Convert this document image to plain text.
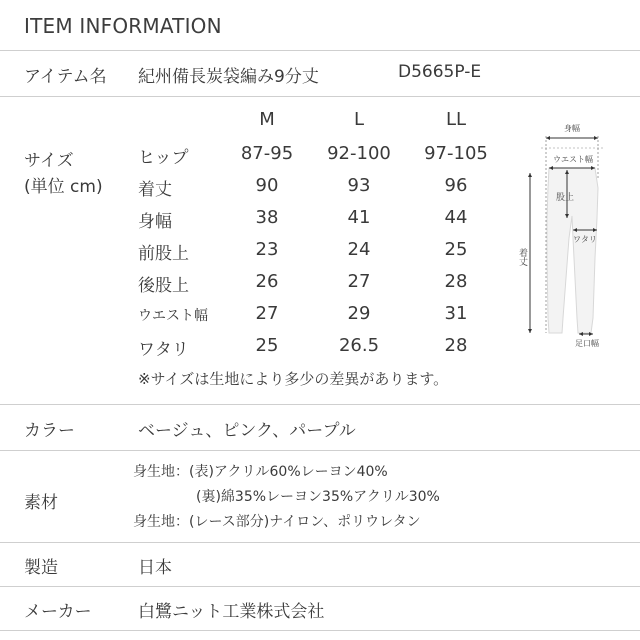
ITEM INFORMATION
アイテム名 紀州備長炭袋編み9分丈	D5665P-E
サイズ
(単位 cm)
M	L	LL
ヒップ	87-95	92-100	97-105
着丈	90	93	96
身幅	38	41	44
前股上	23	24	25
後股上	26	27	28
ウエスト幅	27	29	31
ワタリ	25	26.5	28
※サイズは生地により多少の差異があります。
身幅
ウエスト幅
股上
ワタリ
着丈
足口幅
カラー	ベージュ、ピンク、パープル
素材
身生地：(表)アクリル60%レーヨン40%
(裏)綿35%レーヨン35%アクリル30%
身生地：(レース部分)ナイロン、ポリウレタン
製造	日本
メーカー	白鷺ニット工業株式会社
